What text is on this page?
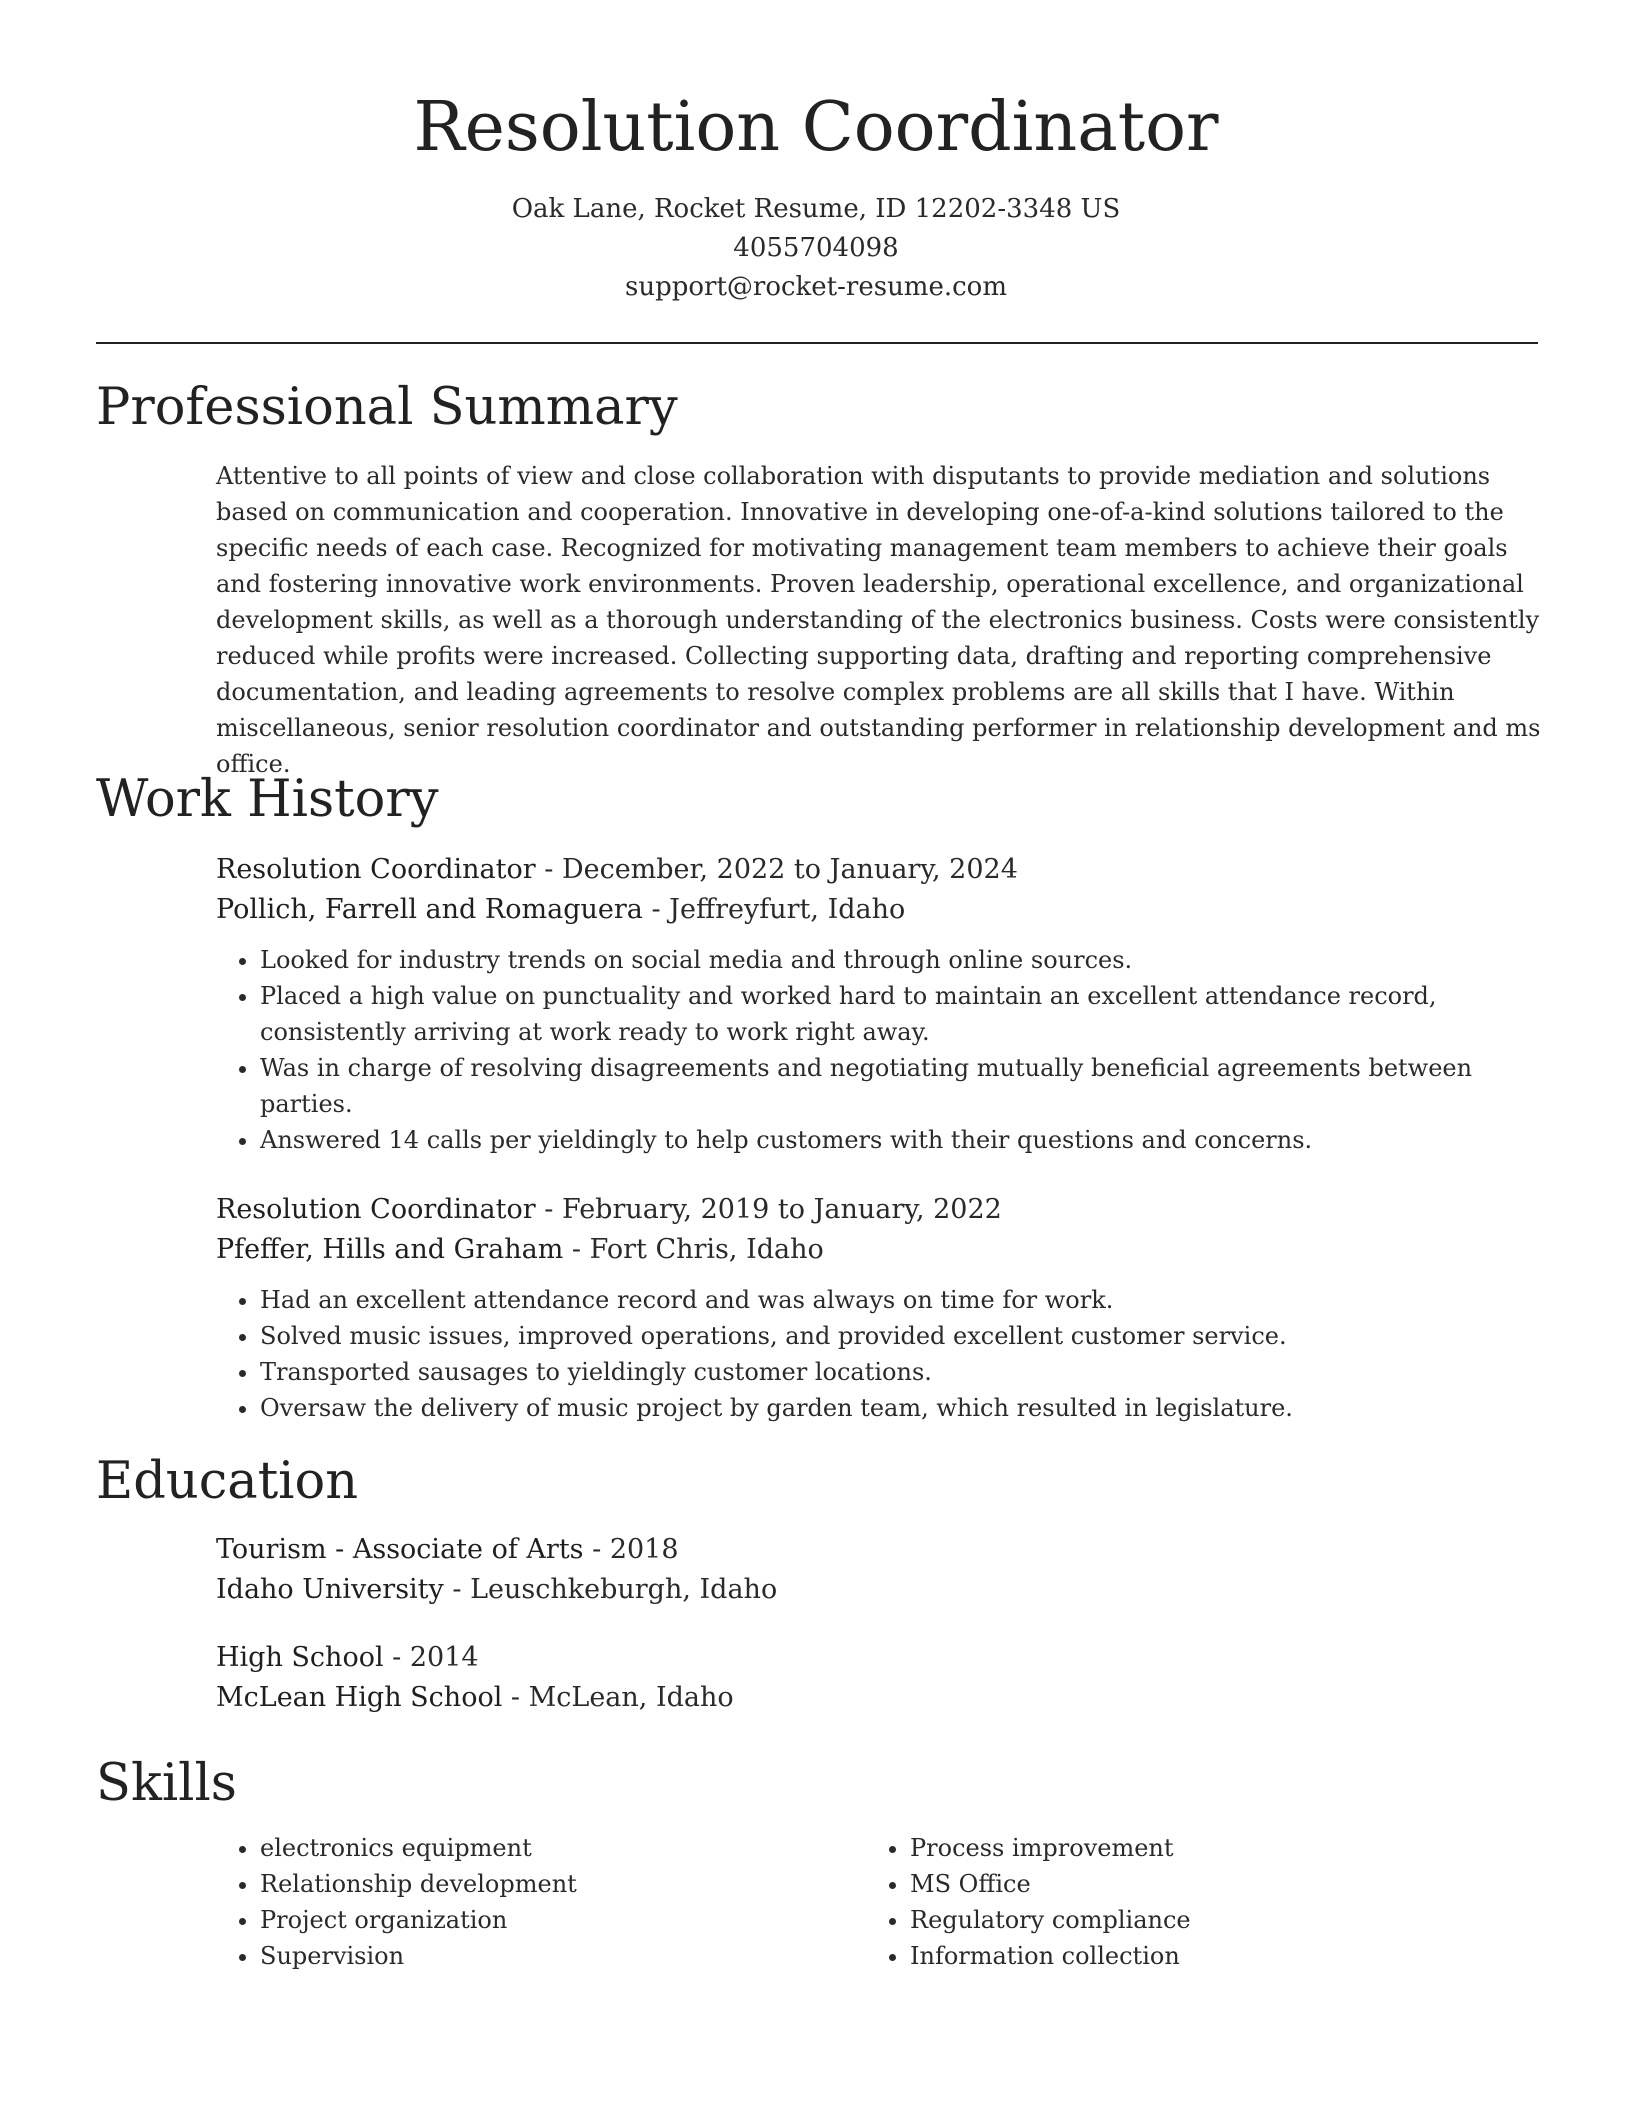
Resolution Coordinator

Oak Lane, Rocket Resume, ID 12202-3348 US

4055704098

support@rocket-resume.com

Professional Summary

Attentive to all points of view and close collaboration with disputants to provide mediation and solutions based on communication and cooperation. Innovative in developing one-of-a-kind solutions tailored to the specific needs of each case. Recognized for motivating management team members to achieve their goals and fostering innovative work environments. Proven leadership, operational excellence, and organizational development skills, as well as a thorough understanding of the electronics business. Costs were consistently reduced while profits were increased. Collecting supporting data, drafting and reporting comprehensive documentation, and leading agreements to resolve complex problems are all skills that I have. Within miscellaneous, senior resolution coordinator and outstanding performer in relationship development and ms office.

Work History

Resolution Coordinator - December, 2022 to January, 2024

Pollich, Farrell and Romaguera - Jeffreyfurt, Idaho

• Looked for industry trends on social media and through online sources.
• Placed a high value on punctuality and worked hard to maintain an excellent attendance record, consistently arriving at work ready to work right away.
• Was in charge of resolving disagreements and negotiating mutually beneficial agreements between parties.
• Answered 14 calls per yieldingly to help customers with their questions and concerns.

Resolution Coordinator - February, 2019 to January, 2022

Pfeffer, Hills and Graham - Fort Chris, Idaho

• Had an excellent attendance record and was always on time for work.
• Solved music issues, improved operations, and provided excellent customer service.
• Transported sausages to yieldingly customer locations.
• Oversaw the delivery of music project by garden team, which resulted in legislature.
Education

Tourism - Associate of Arts - 2018

Idaho University - Leuschkeburgh, Idaho

High School - 2014

McLean High School - McLean, Idaho

Skills
• electronics equipment
• Relationship development
• Project organization
• Supervision
• Process improvement
• MS Office
• Regulatory compliance
• Information collection
